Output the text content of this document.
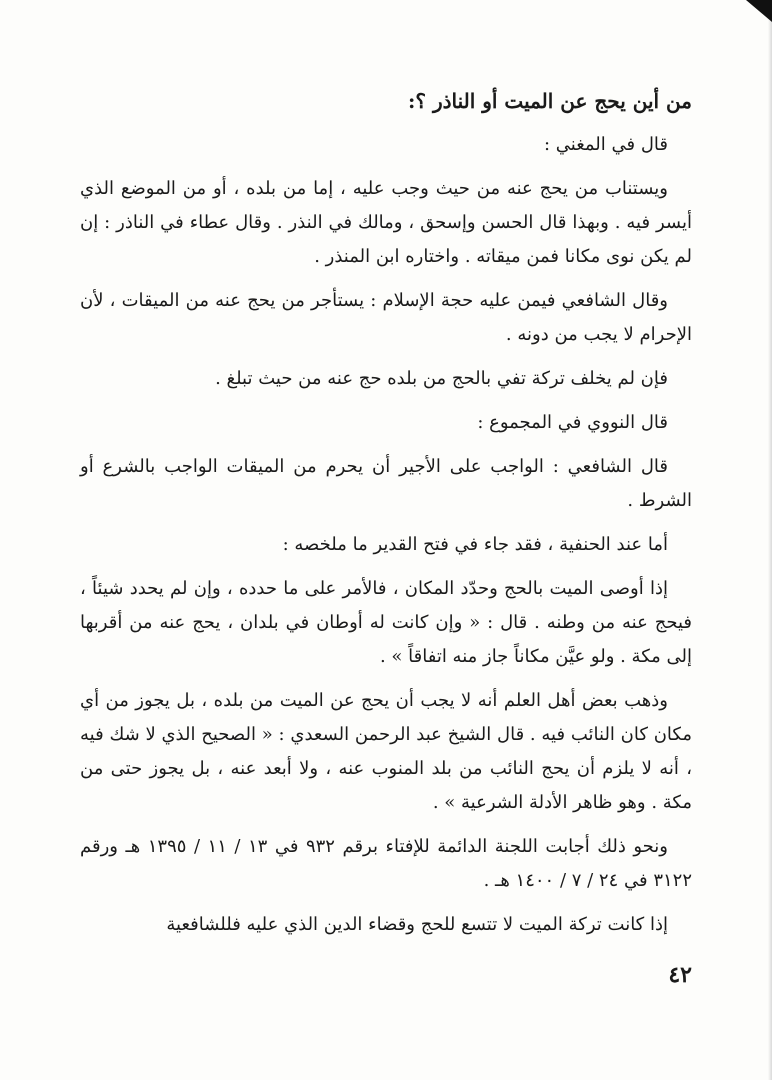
من أين يحج عن الميت أو الناذر ؟:

قال في المغني :

ويستناب من يحج عنه من حيث وجب عليه ، إما من بلده ، أو من الموضع الذي أيسر فيه . وبهذا قال الحسن وإسحق ، ومالك في النذر . وقال عطاء في الناذر : إن لم يكن نوى مكانا فمن ميقاته . واختاره ابن المنذر .

وقال الشافعي فيمن عليه حجة الإسلام : يستأجر من يحج عنه من الميقات ، لأن الإحرام لا يجب من دونه .

فإن لم يخلف تركة تفي بالحج من بلده حج عنه من حيث تبلغ .

قال النووي في المجموع :

قال الشافعي : الواجب على الأجير أن يحرم من الميقات الواجب بالشرع أو الشرط .

أما عند الحنفية ، فقد جاء في فتح القدير ما ملخصه :

إذا أوصى الميت بالحج وحدّد المكان ، فالأمر على ما حدده ، وإن لم يحدد شيئاً ، فيحج عنه من وطنه . قال : « وإن كانت له أوطان في بلدان ، يحج عنه من أقربها إلى مكة . ولو عيَّن مكاناً جاز منه اتفاقاً » .

وذهب بعض أهل العلم أنه لا يجب أن يحج عن الميت من بلده ، بل يجوز من أي مكان كان النائب فيه . قال الشيخ عبد الرحمن السعدي : « الصحيح الذي لا شك فيه ، أنه لا يلزم أن يحج النائب من بلد المنوب عنه ، ولا أبعد عنه ، بل يجوز حتى من مكة . وهو ظاهر الأدلة الشرعية » .

ونحو ذلك أجابت اللجنة الدائمة للإفتاء برقم ٩٣٢ في ١٣ / ١١ / ١٣٩٥ هـ ورقم ٣١٢٢ في ٢٤ / ٧ / ١٤٠٠ هـ .

إذا كانت تركة الميت لا تتسع للحج وقضاء الدين الذي عليه فللشافعية

٤٢
